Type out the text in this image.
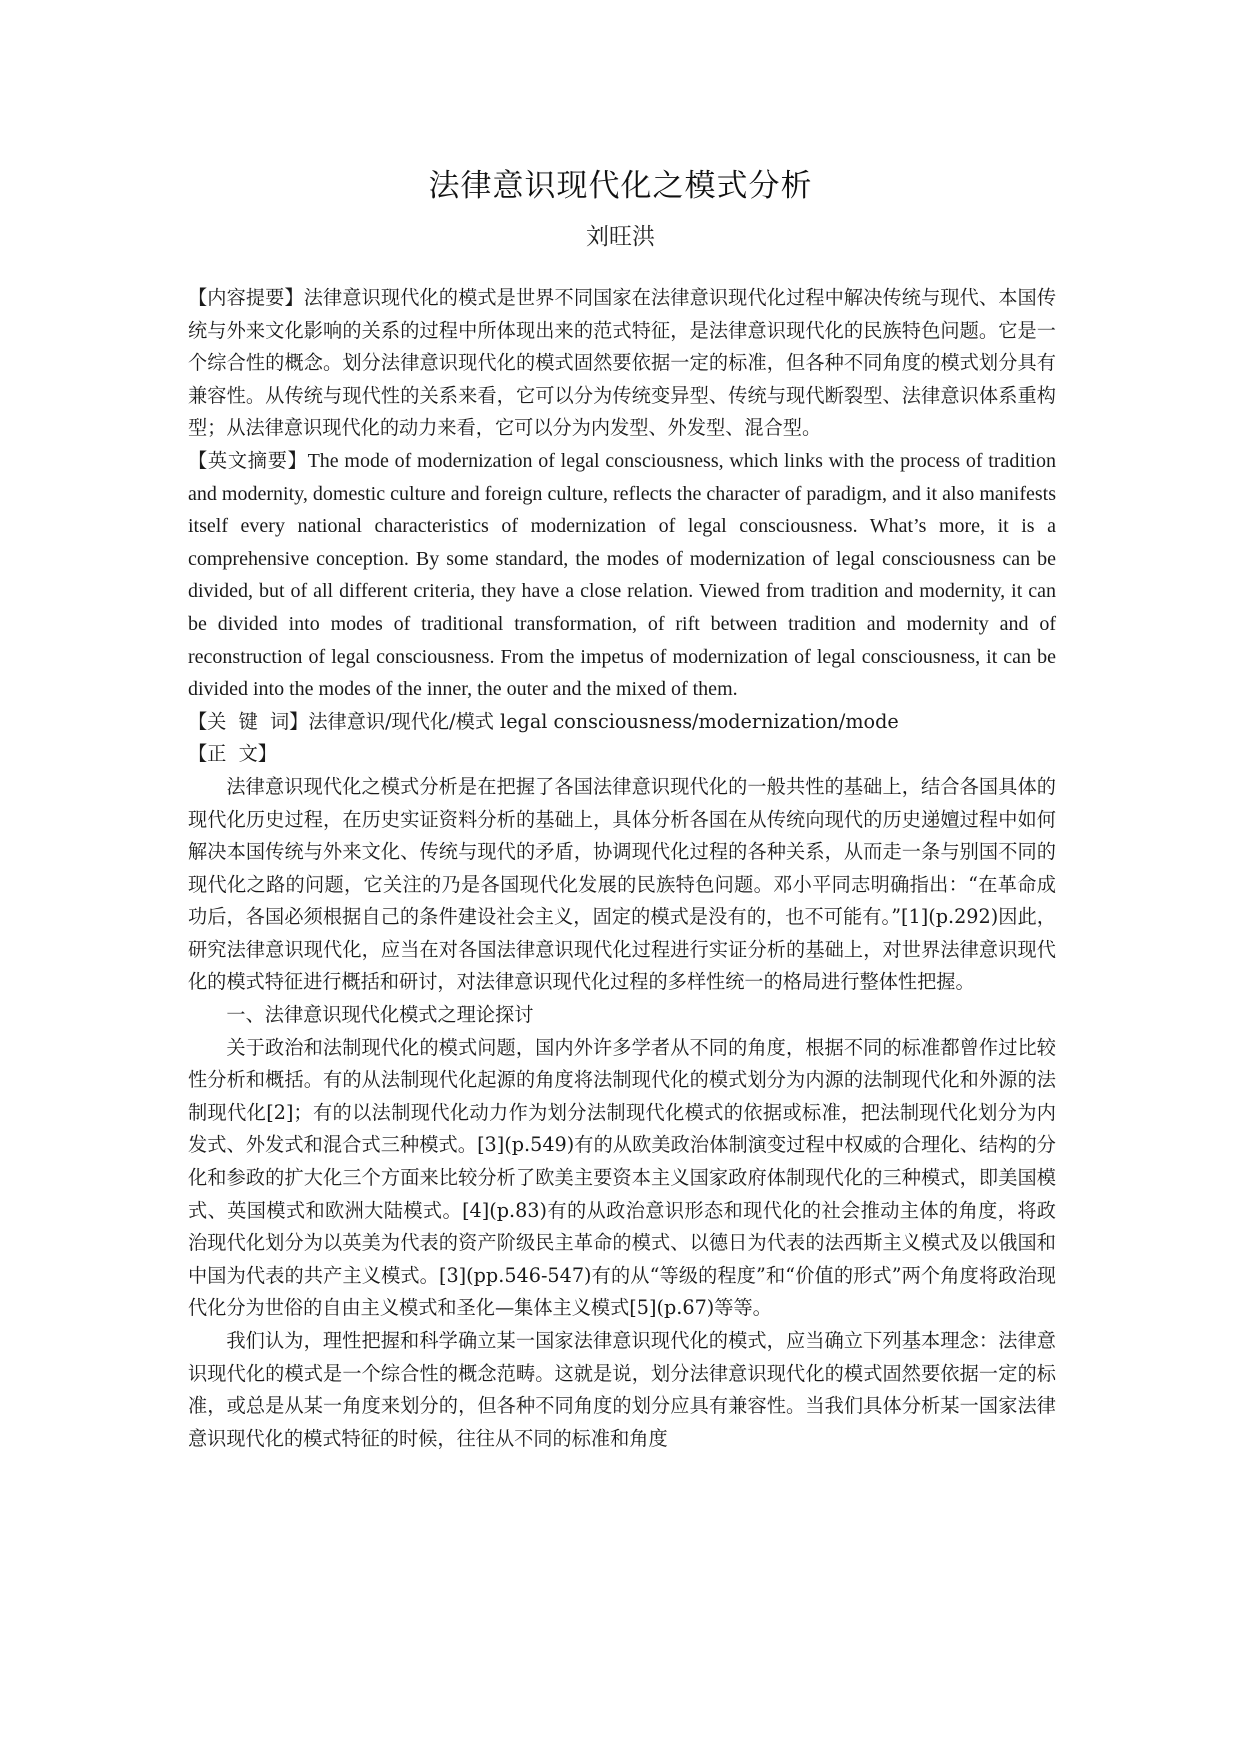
法律意识现代化之模式分析
刘旺洪

【内容提要】法律意识现代化的模式是世界不同国家在法律意识现代化过程中解决传统与现代、本国传统与外来文化影响的关系的过程中所体现出来的范式特征，是法律意识现代化的民族特色问题。它是一个综合性的概念。划分法律意识现代化的模式固然要依据一定的标准，但各种不同角度的模式划分具有兼容性。从传统与现代性的关系来看，它可以分为传统变异型、传统与现代断裂型、法律意识体系重构型；从法律意识现代化的动力来看，它可以分为内发型、外发型、混合型。

【英文摘要】The mode of modernization of legal consciousness, which links with the process of tradition and modernity, domestic culture and foreign culture, reflects the character of paradigm, and it also manifests itself every national characteristics of modernization of legal consciousness. What’s more, it is a comprehensive conception. By some standard, the modes of modernization of legal consciousness can be divided, but of all different criteria, they have a close relation. Viewed from tradition and modernity, it can be divided into modes of traditional transformation, of rift between tradition and modernity and of reconstruction of legal consciousness. From the impetus of modernization of legal consciousness, it can be divided into the modes of the inner, the outer and the mixed of them.

【关  键  词】法律意识/现代化/模式 legal consciousness/modernization/mode

【正  文】

法律意识现代化之模式分析是在把握了各国法律意识现代化的一般共性的基础上，结合各国具体的现代化历史过程，在历史实证资料分析的基础上，具体分析各国在从传统向现代的历史递嬗过程中如何解决本国传统与外来文化、传统与现代的矛盾，协调现代化过程的各种关系，从而走一条与别国不同的现代化之路的问题，它关注的乃是各国现代化发展的民族特色问题。邓小平同志明确指出：“在革命成功后，各国必须根据自己的条件建设社会主义，固定的模式是没有的，也不可能有。”[1](p.292)因此，研究法律意识现代化，应当在对各国法律意识现代化过程进行实证分析的基础上，对世界法律意识现代化的模式特征进行概括和研讨，对法律意识现代化过程的多样性统一的格局进行整体性把握。

一、法律意识现代化模式之理论探讨

关于政治和法制现代化的模式问题，国内外许多学者从不同的角度，根据不同的标准都曾作过比较性分析和概括。有的从法制现代化起源的角度将法制现代化的模式划分为内源的法制现代化和外源的法制现代化[2]；有的以法制现代化动力作为划分法制现代化模式的依据或标准，把法制现代化划分为内发式、外发式和混合式三种模式。[3](p.549)有的从欧美政治体制演变过程中权威的合理化、结构的分化和参政的扩大化三个方面来比较分析了欧美主要资本主义国家政府体制现代化的三种模式，即美国模式、英国模式和欧洲大陆模式。[4](p.83)有的从政治意识形态和现代化的社会推动主体的角度，将政治现代化划分为以英美为代表的资产阶级民主革命的模式、以德日为代表的法西斯主义模式及以俄国和中国为代表的共产主义模式。[3](pp.546-547)有的从“等级的程度”和“价值的形式”两个角度将政治现代化分为世俗的自由主义模式和圣化—集体主义模式[5](p.67)等等。

我们认为，理性把握和科学确立某一国家法律意识现代化的模式，应当确立下列基本理念：法律意识现代化的模式是一个综合性的概念范畴。这就是说，划分法律意识现代化的模式固然要依据一定的标准，或总是从某一角度来划分的，但各种不同角度的划分应具有兼容性。当我们具体分析某一国家法律意识现代化的模式特征的时候，往往从不同的标准和角度
